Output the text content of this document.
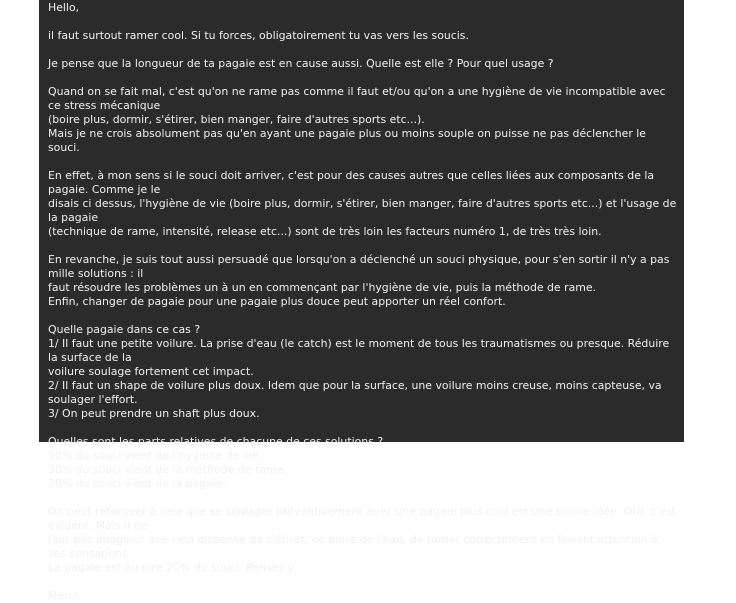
Hello,

il faut surtout ramer cool. Si tu forces, obligatoirement tu vas vers les soucis.

Je pense que la longueur de ta pagaie est en cause aussi. Quelle est elle ? Pour quel usage ?

Quand on se fait mal, c'est qu'on ne rame pas comme il faut et/ou qu'on a une hygiène de vie incompatible avec ce stress mécanique
(boire plus, dormir, s'étirer, bien manger, faire d'autres sports etc...).
Mais je ne crois absolument pas qu'en ayant une pagaie plus ou moins souple on puisse ne pas déclencher le souci.

En effet, à mon sens si le souci doit arriver, c'est pour des causes autres que celles liées aux composants de la pagaie. Comme je le
disais ci dessus, l'hygiène de vie (boire plus, dormir, s'étirer, bien manger, faire d'autres sports etc...) et l'usage de la pagaie
(technique de rame, intensité, release etc...) sont de très loin les facteurs numéro 1, de très très loin.

En revanche, je suis tout aussi persuadé que lorsqu'on a déclenché un souci physique, pour s'en sortir il n'y a pas mille solutions : il
faut résoudre les problèmes un à un en commençant par l'hygiène de vie, puis la méthode de rame.
Enfin, changer de pagaie pour une pagaie plus douce peut apporter un réel confort.

Quelle pagaie dans ce cas ?
1/ Il faut une petite voilure. La prise d'eau (le catch) est le moment de tous les traumatismes ou presque. Réduire la surface de la
voilure soulage fortement cet impact.
2/ Il faut un shape de voilure plus doux. Idem que pour la surface, une voilure moins creuse, moins capteuse, va soulager l'effort.
3/ On peut prendre un shaft plus doux.

Quelles sont les parts relatives de chacune de ces solutions ?
50% du souci vient de l'hygiène de vie.
30% du souci vient de la méthode de rame.
20% du souci vient de la pagaie.

On peut rétorquer à cela que se soulager préventivement avec une pagaie plus cool est une bonne idée. OUI, c'est évident. Mais il ne
faut pas imaginer que cela dispense de s'étirer, de boire de l'eau, de ramer correctement en faisant attention à ses sensations.
La pagaie est au pire 20% du souci. Pensez y.

Merci.
